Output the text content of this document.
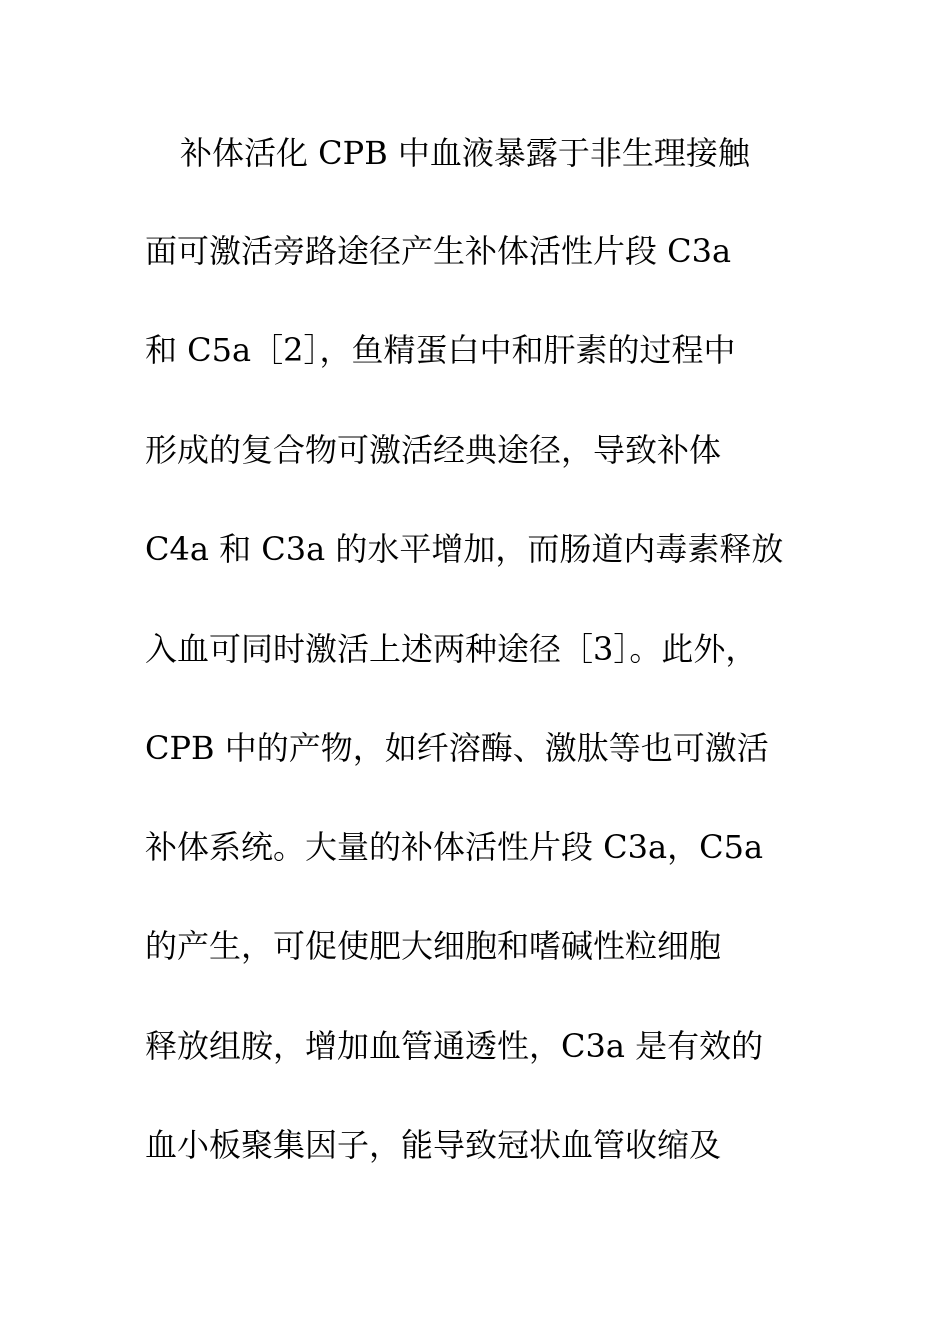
补体活化 CPB 中血液暴露于非生理接触
面可激活旁路途径产生补体活性片段 C3a
和 C5a［2］，鱼精蛋白中和肝素的过程中
形成的复合物可激活经典途径，导致补体
C4a 和 C3a 的水平增加，而肠道内毒素释放
入血可同时激活上述两种途径［3］。此外，
CPB 中的产物，如纤溶酶、激肽等也可激活
补体系统。大量的补体活性片段 C3a，C5a
的产生，可促使肥大细胞和嗜碱性粒细胞
释放组胺，增加血管通透性，C3a 是有效的
血小板聚集因子，能导致冠状血管收缩及
